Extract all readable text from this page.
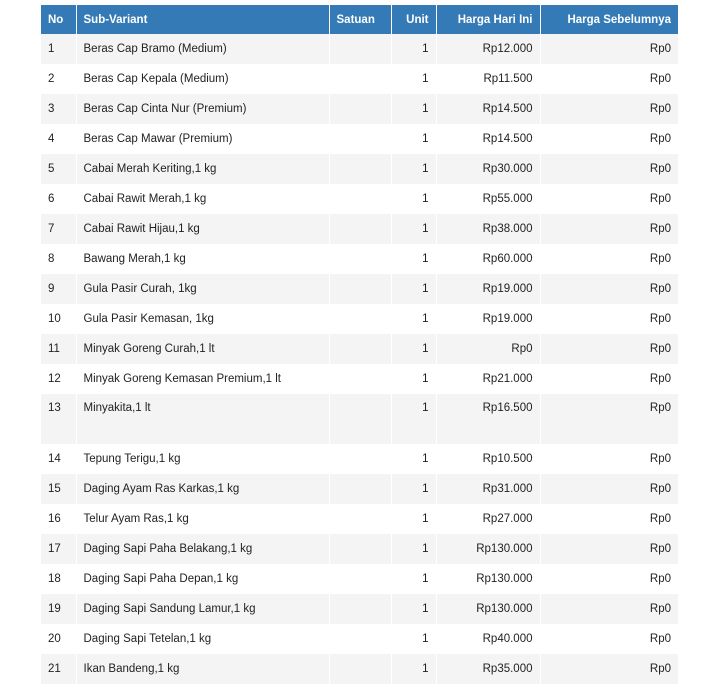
No	Sub-Variant	Satuan	Unit	Harga Hari Ini	Harga Sebelumnya
1	Beras Cap Bramo (Medium)		1	Rp12.000	Rp0
2	Beras Cap Kepala (Medium)		1	Rp11.500	Rp0
3	Beras Cap Cinta Nur (Premium)		1	Rp14.500	Rp0
4	Beras Cap Mawar (Premium)		1	Rp14.500	Rp0
5	Cabai Merah Keriting,1 kg		1	Rp30.000	Rp0
6	Cabai Rawit Merah,1 kg		1	Rp55.000	Rp0
7	Cabai Rawit Hijau,1 kg		1	Rp38.000	Rp0
8	Bawang Merah,1 kg		1	Rp60.000	Rp0
9	Gula Pasir Curah, 1kg		1	Rp19.000	Rp0
10	Gula Pasir Kemasan, 1kg		1	Rp19.000	Rp0
11	Minyak Goreng Curah,1 lt		1	Rp0	Rp0
12	Minyak Goreng Kemasan Premium,1 lt		1	Rp21.000	Rp0
13	Minyakita,1 lt		1	Rp16.500	Rp0
14	Tepung Terigu,1 kg		1	Rp10.500	Rp0
15	Daging Ayam Ras Karkas,1 kg		1	Rp31.000	Rp0
16	Telur Ayam Ras,1 kg		1	Rp27.000	Rp0
17	Daging Sapi Paha Belakang,1 kg		1	Rp130.000	Rp0
18	Daging Sapi Paha Depan,1 kg		1	Rp130.000	Rp0
19	Daging Sapi Sandung Lamur,1 kg		1	Rp130.000	Rp0
20	Daging Sapi Tetelan,1 kg		1	Rp40.000	Rp0
21	Ikan Bandeng,1 kg		1	Rp35.000	Rp0
